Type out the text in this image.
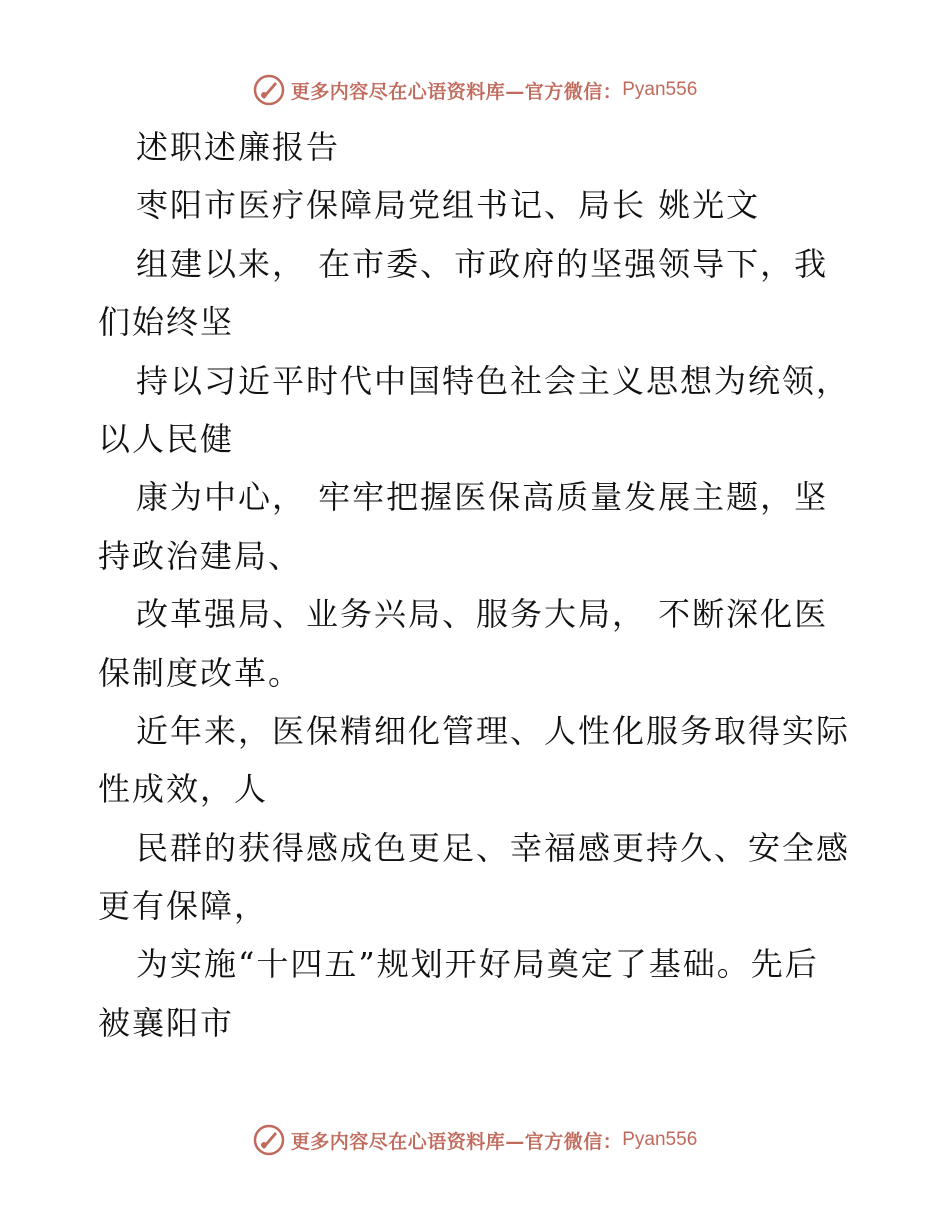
更多内容尽在心语资料库—官方微信： Pyan556
述职述廉报告
枣阳市医疗保障局党组书记、局长 姚光文
组建以来， 在市委、市政府的坚强领导下，我
们始终坚
持以习近平时代中国特色社会主义思想为统领，
以人民健
康为中心， 牢牢把握医保高质量发展主题，坚
持政治建局、
改革强局、业务兴局、服务大局， 不断深化医
保制度改革。
近年来，医保精细化管理、人性化服务取得实际
性成效，人
民群的获得感成色更足、幸福感更持久、安全感
更有保障，
为实施“十四五”规划开好局奠定了基础。先后
被襄阳市
更多内容尽在心语资料库—官方微信： Pyan556
